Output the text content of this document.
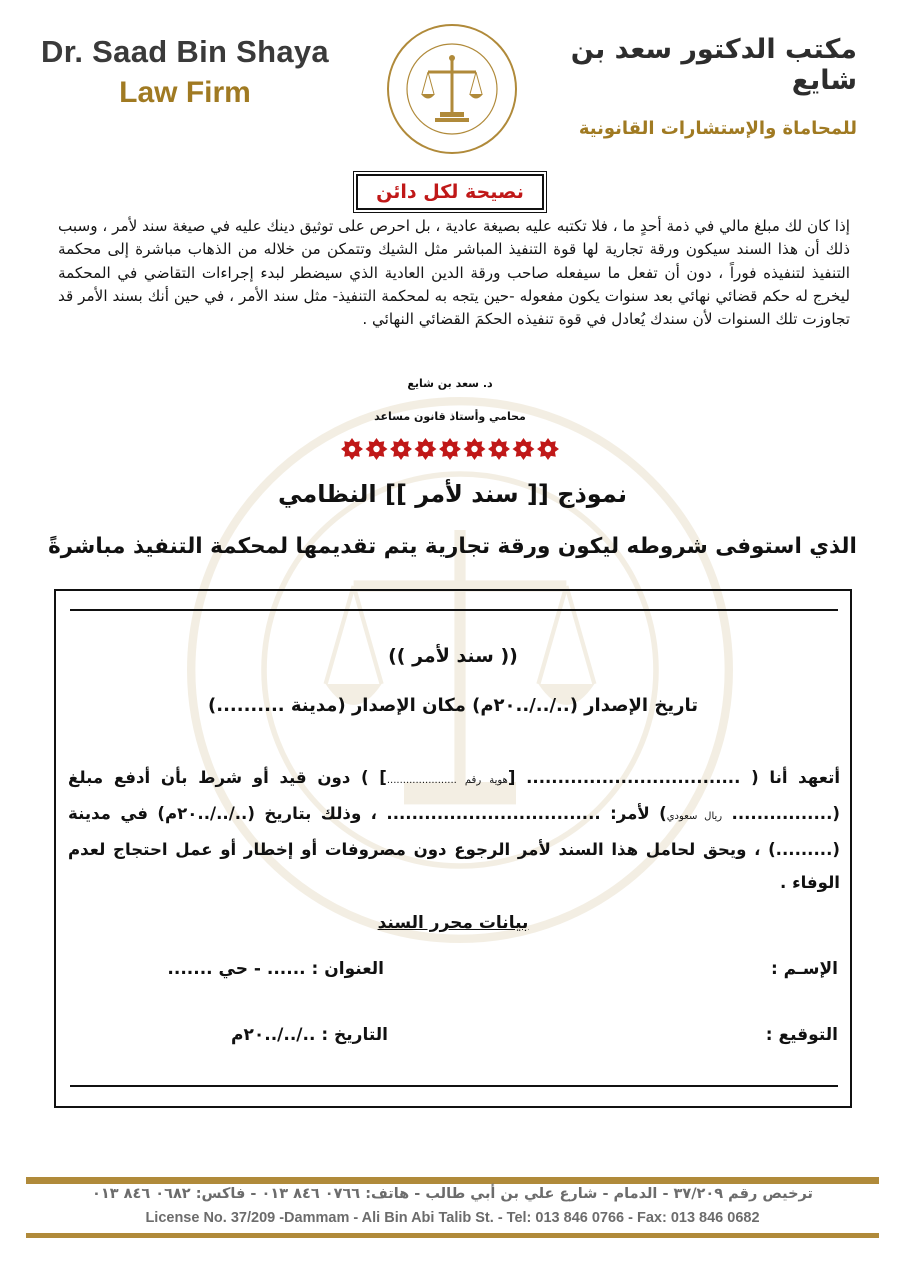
Dr. Saad Bin Shaya
Law Firm
مكتب الدكتور سعد بن شايع
للمحاماة والإستشارات القانونية
نصيحة لكل دائن
إذا كان لك مبلغ مالي في ذمة أحدٍ ما ، فلا تكتبه عليه بصيغة عادية ، بل احرص على توثيق دينك عليه في صيغة سند لأمر ، وسبب ذلك أن هذا السند سيكون ورقة تجارية لها قوة التنفيذ المباشر مثل الشيك وتتمكن من خلاله من الذهاب مباشرة إلى محكمة التنفيذ لتنفيذه فوراً ، دون أن تفعل ما سيفعله صاحب ورقة الدين العادية الذي سيضطر لبدء إجراءات التقاضي في المحكمة ليخرج له حكم قضائي نهائي بعد سنوات يكون مفعوله -حين يتجه به لمحكمة التنفيذ- مثل سند الأمر ، في حين أنك بسند الأمر قد تجاوزت تلك السنوات لأن سندك يُعادل في قوة تنفيذه الحكمَ القضائي النهائي .
د. سعد بن شايع
محامي وأستاذ قانون مساعد
نموذج [[ سند لأمر ]] النظامي
الذي استوفى شروطه ليكون ورقة تجارية يتم تقديمها لمحكمة التنفيذ مباشرةً
(( سند لأمر ))
تاريخ الإصدار (../../..٢٠م) مكان الإصدار (مدينة ..........)
أتعهد أنا ( .................................. [هوية رقم ......................] ) دون قيد أو شرط بأن أدفع مبلغ (................ ريال سعودي) لأمر: .................................. ، وذلك بتاريخ (../../..٢٠م) في مدينة (.........) ، ويحق لحامل هذا السند لأمر الرجوع دون مصروفات أو إخطار أو عمل احتجاج لعدم الوفاء .
بيانات محرر السند
الإسـم :
العنوان : ...... - حي .......
التوقيع :
التاريخ : ../../..٢٠م
ترخيص رقم ٣٧/٢٠٩ - الدمام - شارع علي بن أبي طالب - هاتف: ٠٧٦٦ ٨٤٦ ٠١٣ - فاكس: ٠٦٨٢ ٨٤٦ ٠١٣
License No. 37/209 -Dammam - Ali Bin Abi Talib St. - Tel: 013 846 0766 - Fax: 013 846 0682
